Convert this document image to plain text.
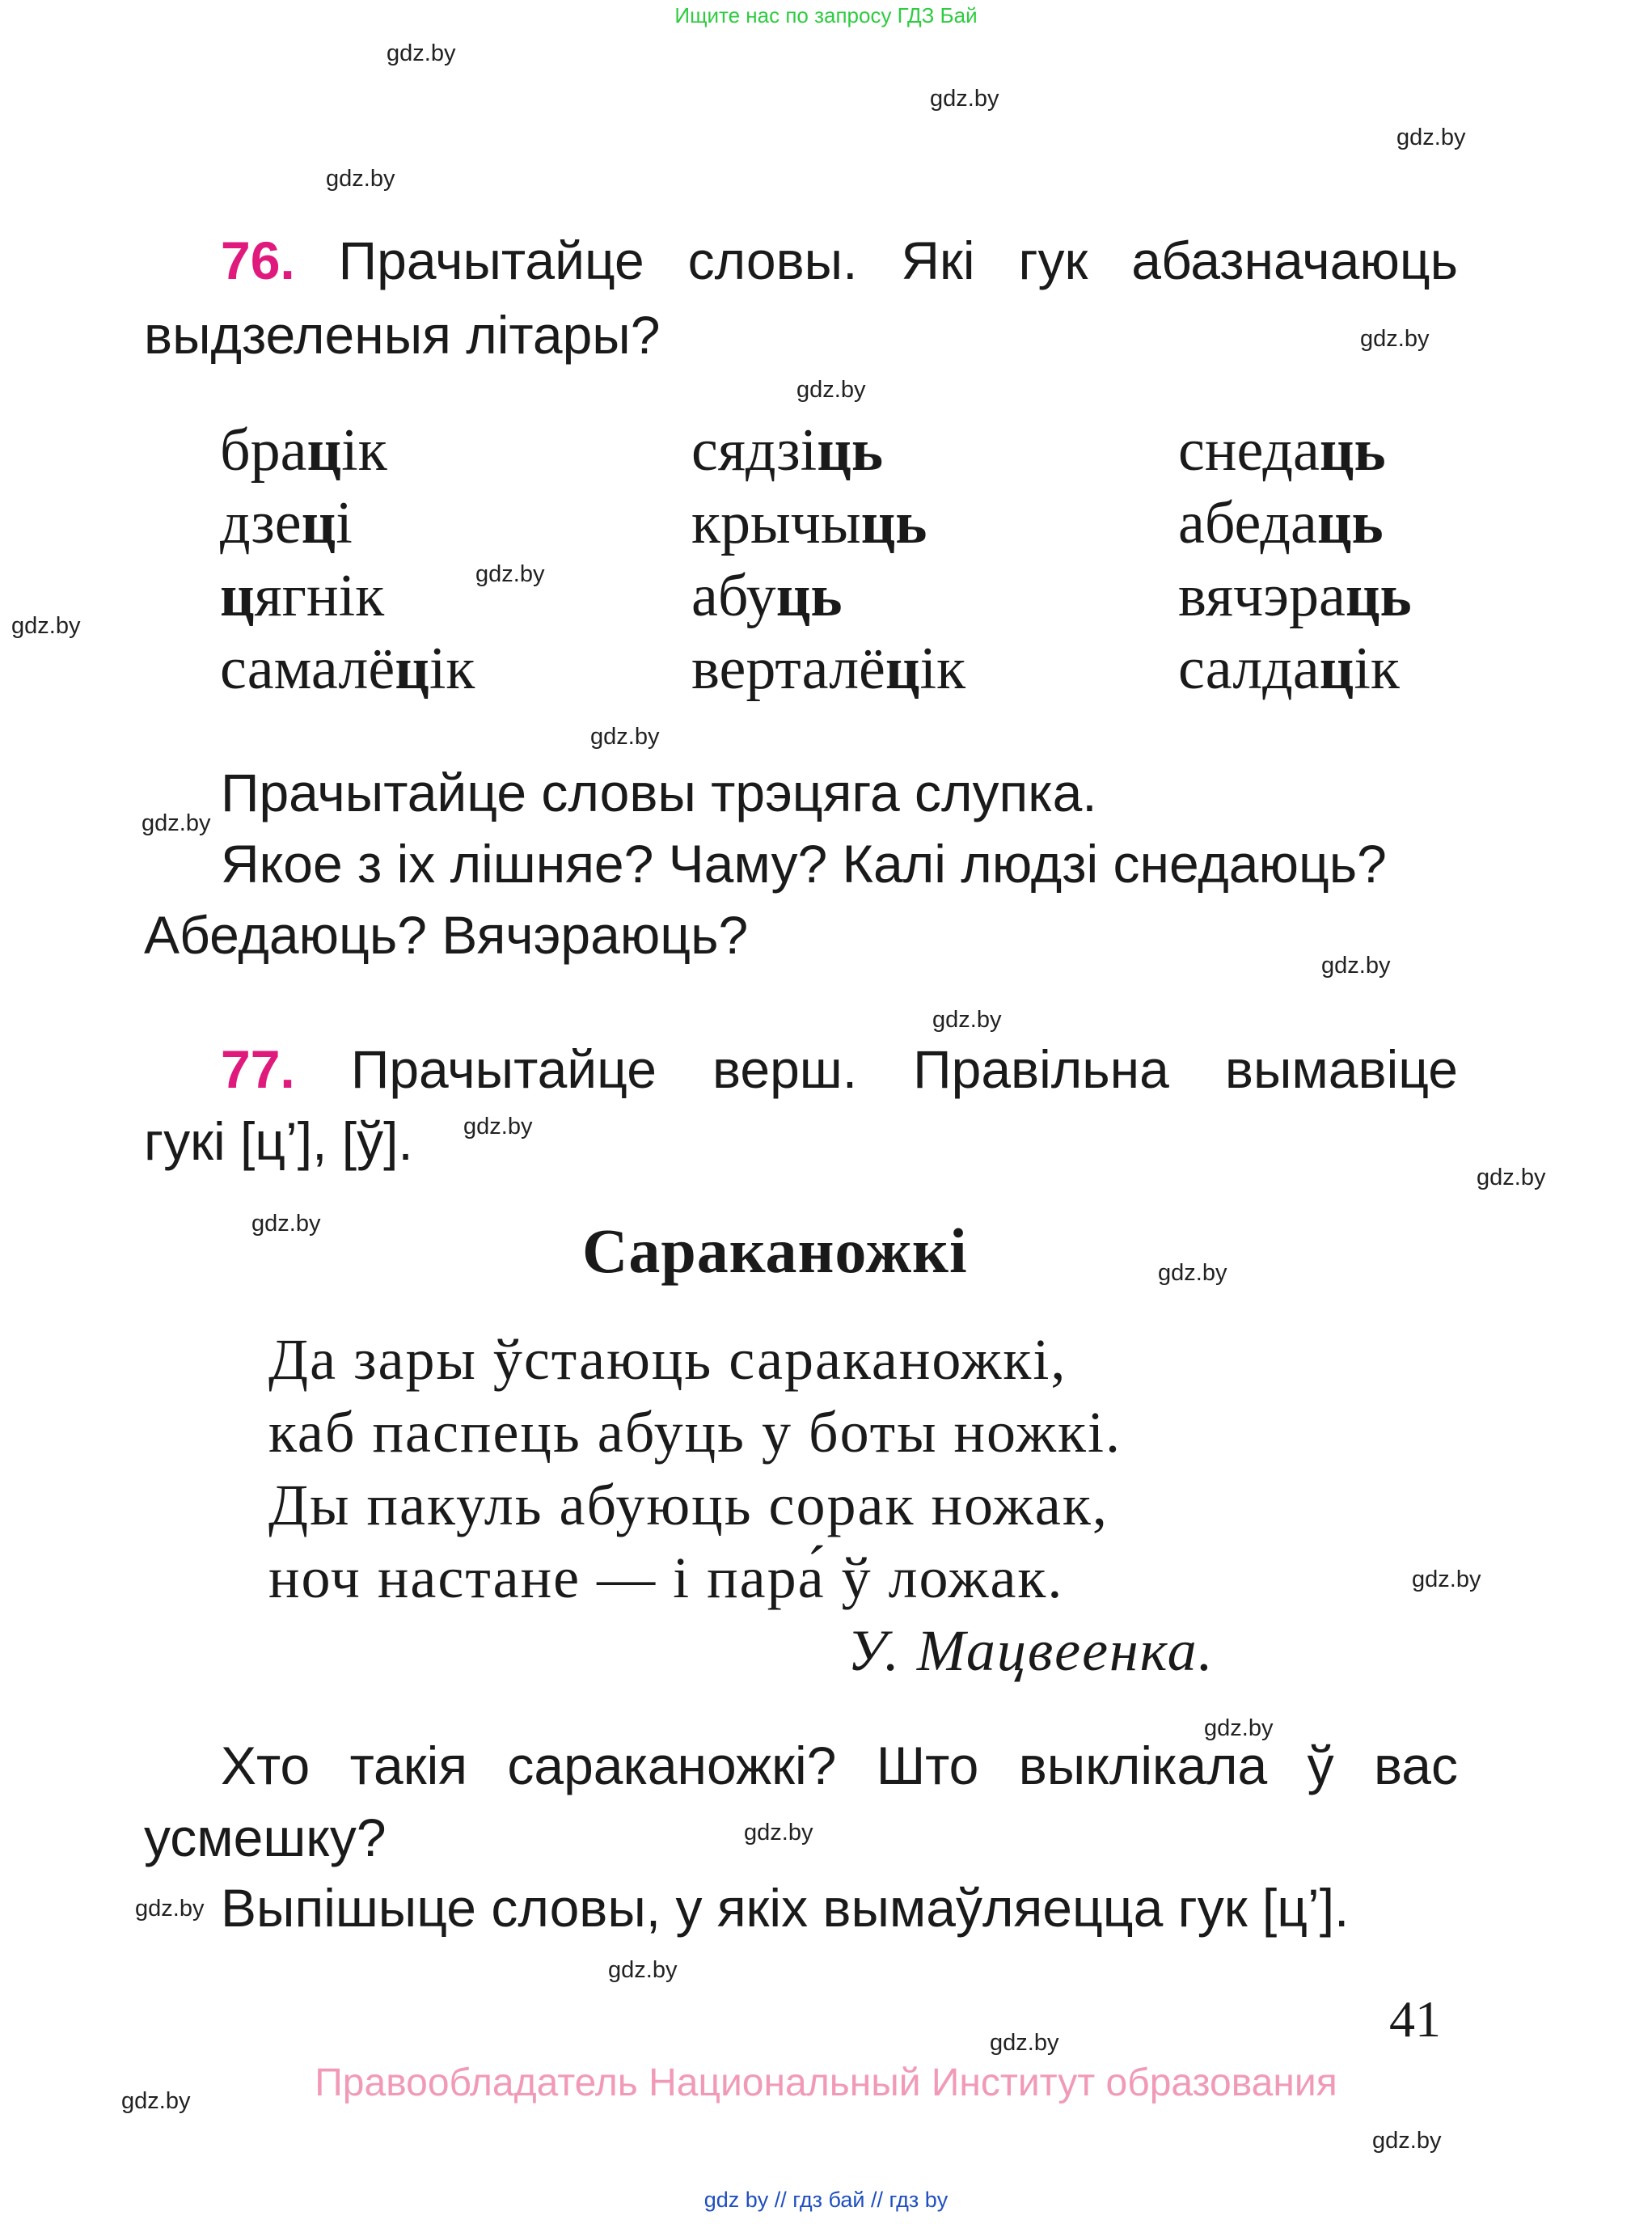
Ищите нас по запросу ГДЗ Бай
gdz.by
gdz.by
gdz.by
gdz.by
gdz.by
gdz.by
gdz.by
gdz.by
gdz.by
gdz.by
gdz.by
gdz.by
gdz.by
gdz.by
gdz.by
gdz.by
gdz.by
gdz.by
gdz.by
gdz.by
gdz.by
gdz.by
gdz.by
gdz.by
76. Прачытайце словы. Які гук абазначаюць
выдзеленыя літары?
брацік
дзеці
цягнік
самалёцік
сядзіць
крычыць
абуць
верталёцік
снедаць
абедаць
вячэраць
салдацік
Прачытайце словы трэцяга слупка.
Якое з іх лішняе? Чаму? Калі людзі снедаюць?
Абедаюць? Вячэраюць?
77. Прачытайце верш. Правільна вымавіце
гукі [ц’], [ў].
Сараканожкі
Да зары ўстаюць сараканожкі,
каб паспець абуць у боты ножкі.
Ды пакуль абуюць сорак ножак,
ноч настане — і пара́ ў ложак.
У. Мацвеенка.
Хто такія сараканожкі? Што выклікала ў вас
усмешку?
Выпішыце словы, у якіх вымаўляецца гук [ц’].
41
Правообладатель Национальный Институт образования
gdz by // гдз бай // гдз by
